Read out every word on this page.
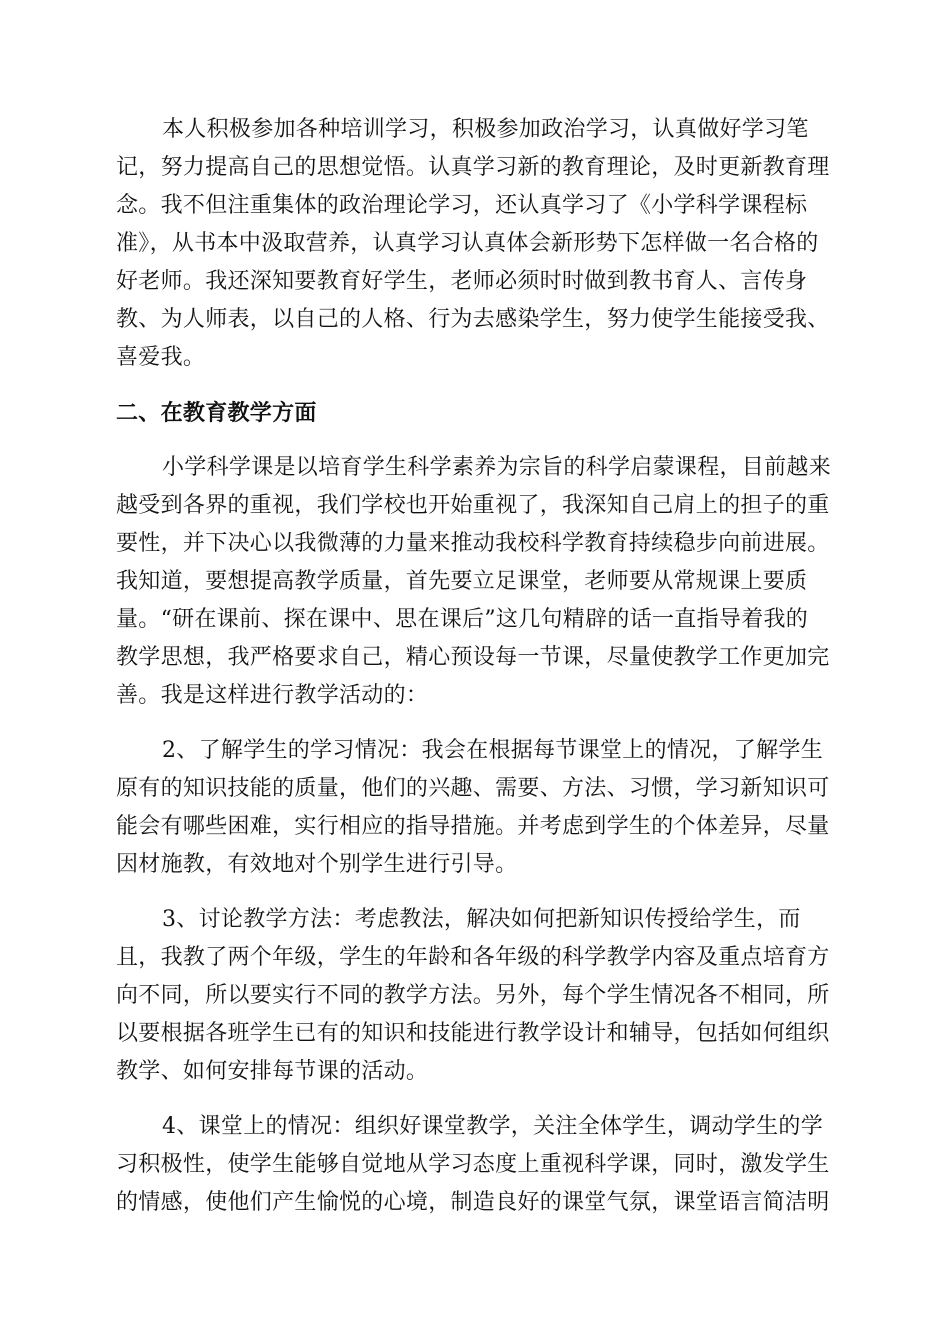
本人积极参加各种培训学习，积极参加政治学习，认真做好学习笔
记，努力提高自己的思想觉悟。认真学习新的教育理论，及时更新教育理
念。我不但注重集体的政治理论学习，还认真学习了《小学科学课程标
准》，从书本中汲取营养，认真学习认真体会新形势下怎样做一名合格的
好老师。我还深知要教育好学生，老师必须时时做到教书育人、言传身
教、为人师表，以自己的人格、行为去感染学生，努力使学生能接受我、
喜爱我。
二、在教育教学方面
小学科学课是以培育学生科学素养为宗旨的科学启蒙课程，目前越来
越受到各界的重视，我们学校也开始重视了，我深知自己肩上的担子的重
要性，并下决心以我微薄的力量来推动我校科学教育持续稳步向前进展。
我知道，要想提高教学质量，首先要立足课堂，老师要从常规课上要质
量。“研在课前、探在课中、思在课后”这几句精辟的话一直指导着我的
教学思想，我严格要求自己，精心预设每一节课，尽量使教学工作更加完
善。我是这样进行教学活动的：
2、了解学生的学习情况：我会在根据每节课堂上的情况，了解学生
原有的知识技能的质量，他们的兴趣、需要、方法、习惯，学习新知识可
能会有哪些困难，实行相应的指导措施。并考虑到学生的个体差异，尽量
因材施教，有效地对个别学生进行引导。
3、讨论教学方法：考虑教法，解决如何把新知识传授给学生，而
且，我教了两个年级，学生的年龄和各年级的科学教学内容及重点培育方
向不同，所以要实行不同的教学方法。另外，每个学生情况各不相同，所
以要根据各班学生已有的知识和技能进行教学设计和辅导，包括如何组织
教学、如何安排每节课的活动。
4、课堂上的情况：组织好课堂教学，关注全体学生，调动学生的学
习积极性，使学生能够自觉地从学习态度上重视科学课，同时，激发学生
的情感，使他们产生愉悦的心境，制造良好的课堂气氛，课堂语言简洁明
